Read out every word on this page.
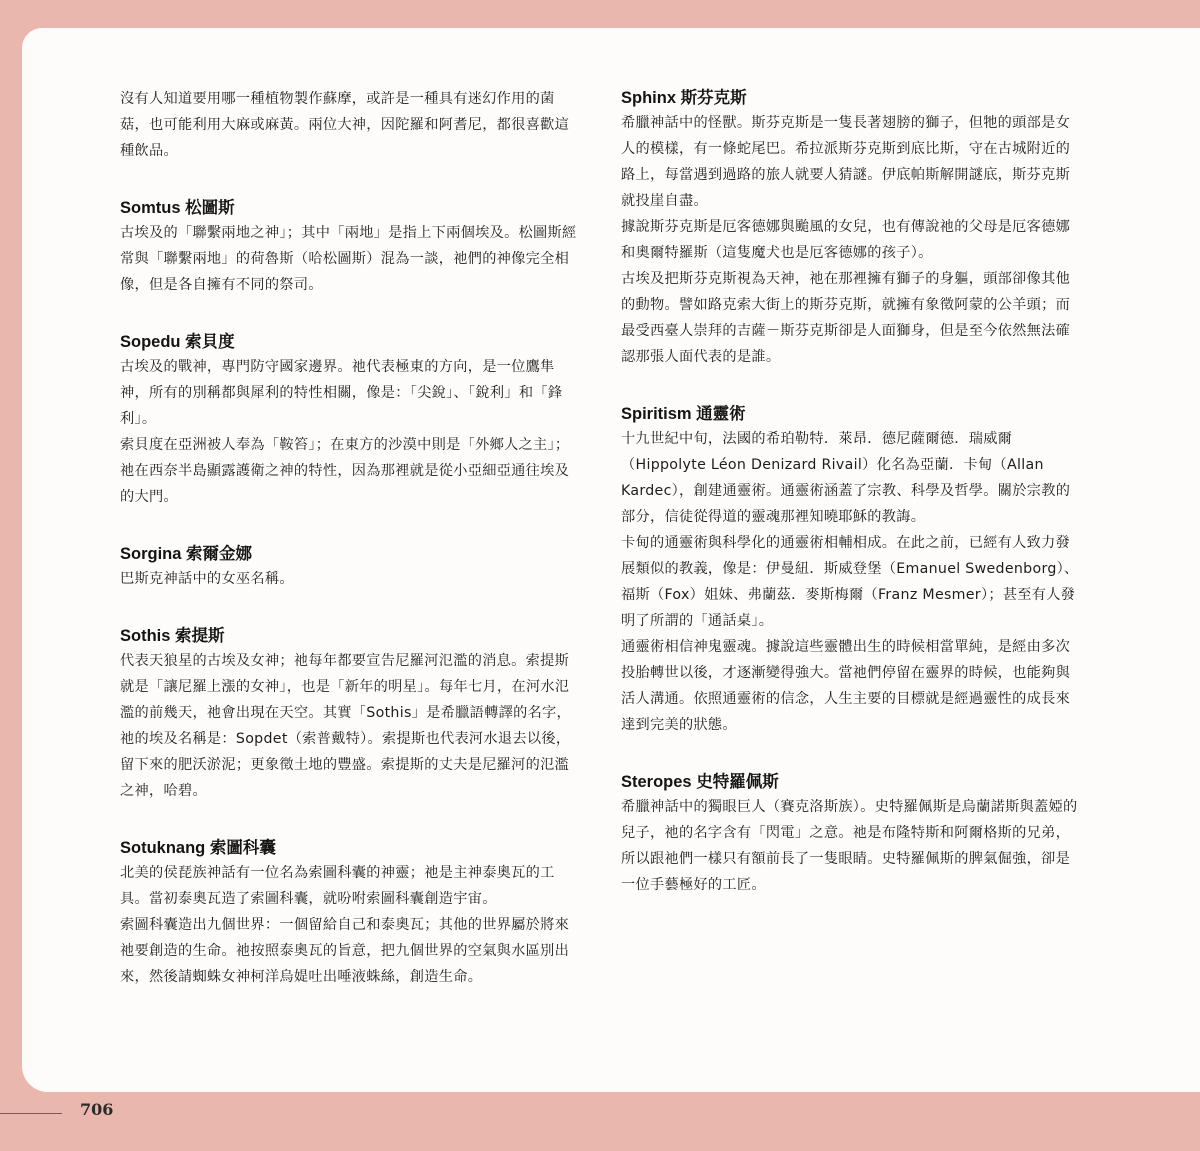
沒有人知道要用哪一種植物製作蘇摩，或許是一種具有迷幻作用的菌菇，也可能利用大麻或麻黃。兩位大神，因陀羅和阿耆尼，都很喜歡這種飲品。

Somtus 松圖斯

古埃及的「聯繫兩地之神」；其中「兩地」是指上下兩個埃及。松圖斯經常與「聯繫兩地」的荷魯斯（哈松圖斯）混為一談，祂們的神像完全相像，但是各自擁有不同的祭司。

Sopedu 索貝度

古埃及的戰神，專門防守國家邊界。祂代表極東的方向，是一位鷹隼神，所有的別稱都與犀利的特性相關，像是：「尖銳」、「銳利」和「鋒利」。

索貝度在亞洲被人奉為「鞍笞」；在東方的沙漠中則是「外鄉人之主」；祂在西奈半島顯露護衛之神的特性，因為那裡就是從小亞細亞通往埃及的大門。

Sorgina 索爾金娜

巴斯克神話中的女巫名稱。

Sothis 索提斯

代表天狼星的古埃及女神；祂每年都要宣告尼羅河氾濫的消息。索提斯就是「讓尼羅上漲的女神」，也是「新年的明星」。每年七月，在河水氾濫的前幾天，祂會出現在天空。其實「Sothis」是希臘語轉譯的名字，祂的埃及名稱是：Sopdet（索普戴特）。索提斯也代表河水退去以後，留下來的肥沃淤泥；更象徵土地的豐盛。索提斯的丈夫是尼羅河的氾濫之神，哈碧。

Sotuknang 索圖科囊

北美的侯琵族神話有一位名為索圖科囊的神靈；祂是主神泰奧瓦的工具。當初泰奧瓦造了索圖科囊，就吩咐索圖科囊創造宇宙。

索圖科囊造出九個世界：一個留給自己和泰奧瓦；其他的世界屬於將來祂要創造的生命。祂按照泰奧瓦的旨意，把九個世界的空氣與水區別出來，然後請蜘蛛女神柯洋烏媞吐出唾液蛛絲，創造生命。

Sphinx 斯芬克斯

希臘神話中的怪獸。斯芬克斯是一隻長著翅膀的獅子，但牠的頭部是女人的模樣，有一條蛇尾巴。希拉派斯芬克斯到底比斯，守在古城附近的路上，每當遇到過路的旅人就要人猜謎。伊底帕斯解開謎底，斯芬克斯就投崖自盡。

據說斯芬克斯是厄客德娜與颱風的女兒，也有傳說祂的父母是厄客德娜和奧爾特羅斯（這隻魔犬也是厄客德娜的孩子）。

古埃及把斯芬克斯視為天神，祂在那裡擁有獅子的身軀，頭部卻像其他的動物。譬如路克索大街上的斯芬克斯，就擁有象徵阿蒙的公羊頭；而最受西臺人崇拜的吉薩－斯芬克斯卻是人面獅身，但是至今依然無法確認那張人面代表的是誰。

Spiritism 通靈術

十九世紀中旬，法國的希珀勒特．萊昂．德尼薩爾德．瑞威爾（Hippolyte Léon Denizard Rivail）化名為亞蘭．卡甸（Allan Kardec），創建通靈術。通靈術涵蓋了宗教、科學及哲學。關於宗教的部分，信徒從得道的靈魂那裡知曉耶穌的教誨。

卡甸的通靈術與科學化的通靈術相輔相成。在此之前，已經有人致力發展類似的教義，像是：伊曼紐．斯威登堡（Emanuel Swedenborg）、福斯（Fox）姐妹、弗蘭茲．麥斯梅爾（Franz Mesmer）；甚至有人發明了所謂的「通話桌」。

通靈術相信神鬼靈魂。據說這些靈體出生的時候相當單純，是經由多次投胎轉世以後，才逐漸變得強大。當祂們停留在靈界的時候，也能夠與活人溝通。依照通靈術的信念，人生主要的目標就是經過靈性的成長來達到完美的狀態。

Steropes 史特羅佩斯

希臘神話中的獨眼巨人（賽克洛斯族）。史特羅佩斯是烏蘭諾斯與蓋婭的兒子，祂的名字含有「閃電」之意。祂是布隆特斯和阿爾格斯的兄弟，所以跟祂們一樣只有額前長了一隻眼睛。史特羅佩斯的脾氣倔強，卻是一位手藝極好的工匠。

706
